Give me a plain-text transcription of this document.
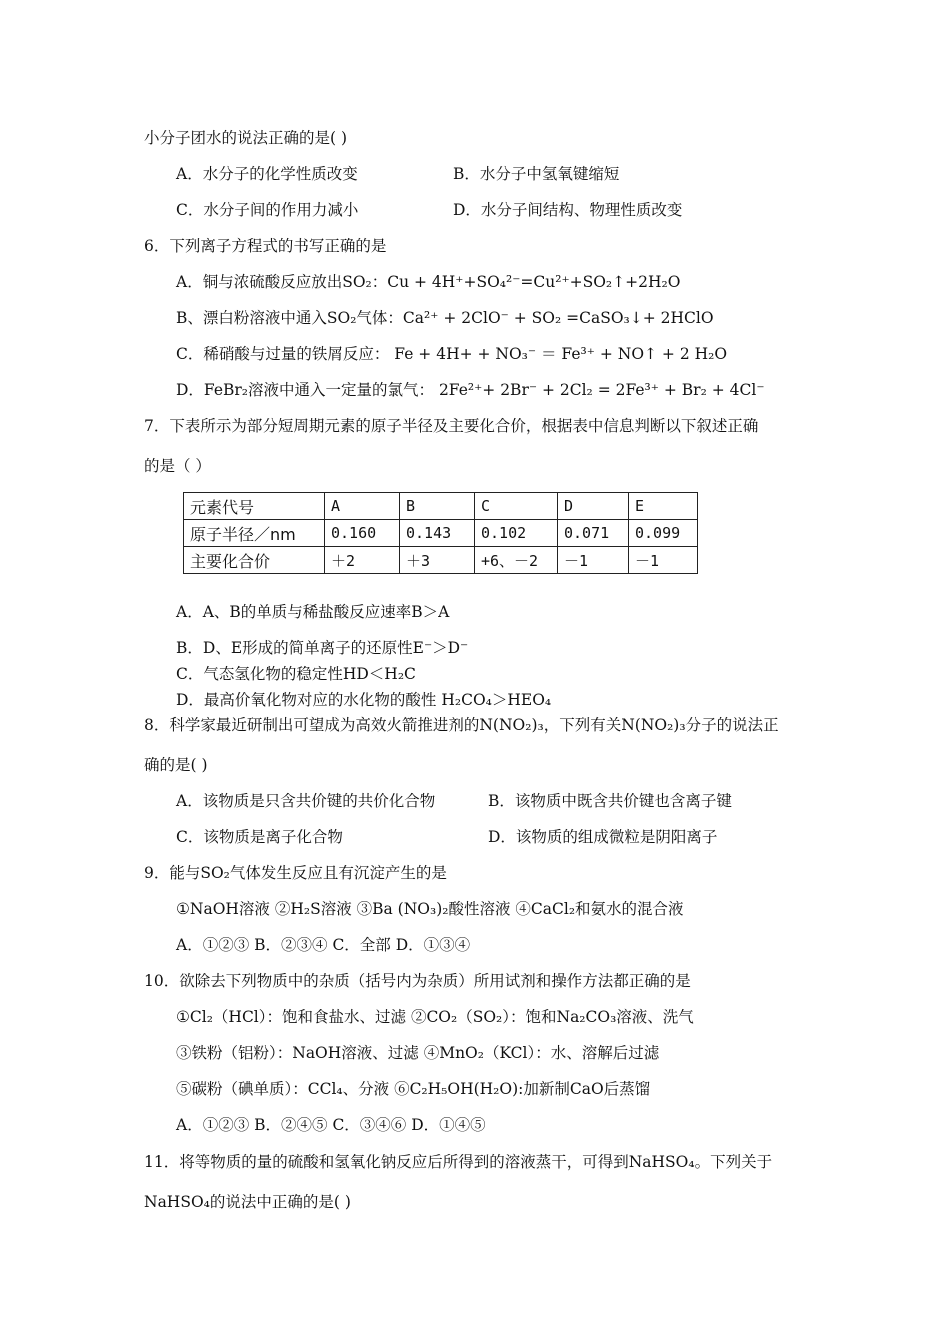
小分子团水的说法正确的是( )
A．水分子的化学性质改变	B．水分子中氢氧键缩短
C．水分子间的作用力减小	D．水分子间结构、物理性质改变
6．下列离子方程式的书写正确的是
A．铜与浓硫酸反应放出SO₂：Cu + 4H⁺+SO₄²⁻=Cu²⁺+SO₂↑+2H₂O
B、漂白粉溶液中通入SO₂气体：Ca²⁺ + 2ClO⁻ + SO₂ =CaSO₃↓+ 2HClO
C．稀硝酸与过量的铁屑反应： Fe + 4H+ + NO₃⁻ ＝ Fe³⁺ + NO↑ + 2 H₂O
D．FeBr₂溶液中通入一定量的氯气： 2Fe²⁺+ 2Br⁻ + 2Cl₂ = 2Fe³⁺ + Br₂ + 4Cl⁻
7．下表所示为部分短周期元素的原子半径及主要化合价，根据表中信息判断以下叙述正确
的是（ ）
元素代号	A	B	C	D	E
原子半径／nm	0.160	0.143	0.102	0.071	0.099
主要化合价	＋2	＋3	+6、－2	－1	－1
A．A、B的单质与稀盐酸反应速率B＞A
B．D、E形成的简单离子的还原性E⁻＞D⁻
C．气态氢化物的稳定性HD＜H₂C
D．最高价氧化物对应的水化物的酸性 H₂CO₄＞HEO₄
8．科学家最近研制出可望成为高效火箭推进剂的N(NO₂)₃，下列有关N(NO₂)₃分子的说法正
确的是( )
A．该物质是只含共价键的共价化合物	B．该物质中既含共价键也含离子键
C．该物质是离子化合物	D．该物质的组成微粒是阴阳离子
9．能与SO₂气体发生反应且有沉淀产生的是
①NaOH溶液 ②H₂S溶液 ③Ba (NO₃)₂酸性溶液 ④CaCl₂和氨水的混合液
A．①②③ B．②③④ C．全部 D．①③④
10．欲除去下列物质中的杂质（括号内为杂质）所用试剂和操作方法都正确的是
①Cl₂（HCl）：饱和食盐水、过滤 ②CO₂（SO₂）：饱和Na₂CO₃溶液、洗气
③铁粉（铝粉）：NaOH溶液、过滤 ④MnO₂（KCl）：水、溶解后过滤
⑤碳粉（碘单质）：CCl₄、分液 ⑥C₂H₅OH(H₂O):加新制CaO后蒸馏
A．①②③ B．②④⑤ C．③④⑥ D．①④⑤
11．将等物质的量的硫酸和氢氧化钠反应后所得到的溶液蒸干，可得到NaHSO₄。下列关于
NaHSO₄的说法中正确的是( )
